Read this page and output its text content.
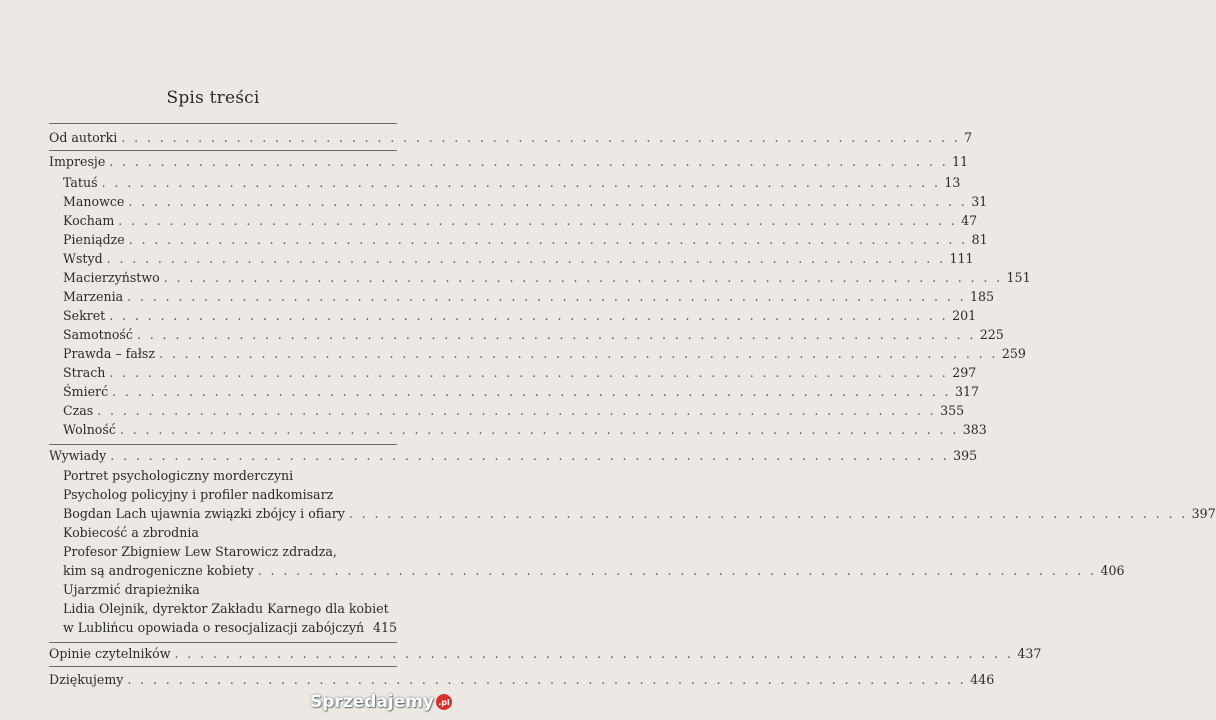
Spis treści
Od autorki . . .	7
Impresje . . .	11
Tatuś . . .	13
Manowce . . .	31
Kocham . . .	47
Pieniądze . . .	81
Wstyd . . .	111
Macierzyństwo . . .	151
Marzenia . . .	185
Sekret . . .	201
Samotność . . .	225
Prawda – fałsz . . .	259
Strach . . .	297
Śmierć . . .	317
Czas . . .	355
Wolność . . .	383
Wywiady . . .	395
Portret psychologiczny morderczyni
Psycholog policyjny i profiler nadkomisarz
Bogdan Lach ujawnia związki zbójcy i ofiary . . .	397
Kobiecość a zbrodnia
Profesor Zbigniew Lew Starowicz zdradza,
kim są androgeniczne kobiety . . .	406
Ujarzmić drapieżnika
Lidia Olejnik, dyrektor Zakładu Karnego dla kobiet
w Lublińcu opowiada o resocjalizacji zabójczyń . . . 415
Opinie czytelników . . .	437
Dziękujemy . . .	446
Sprzedajemy .pl
